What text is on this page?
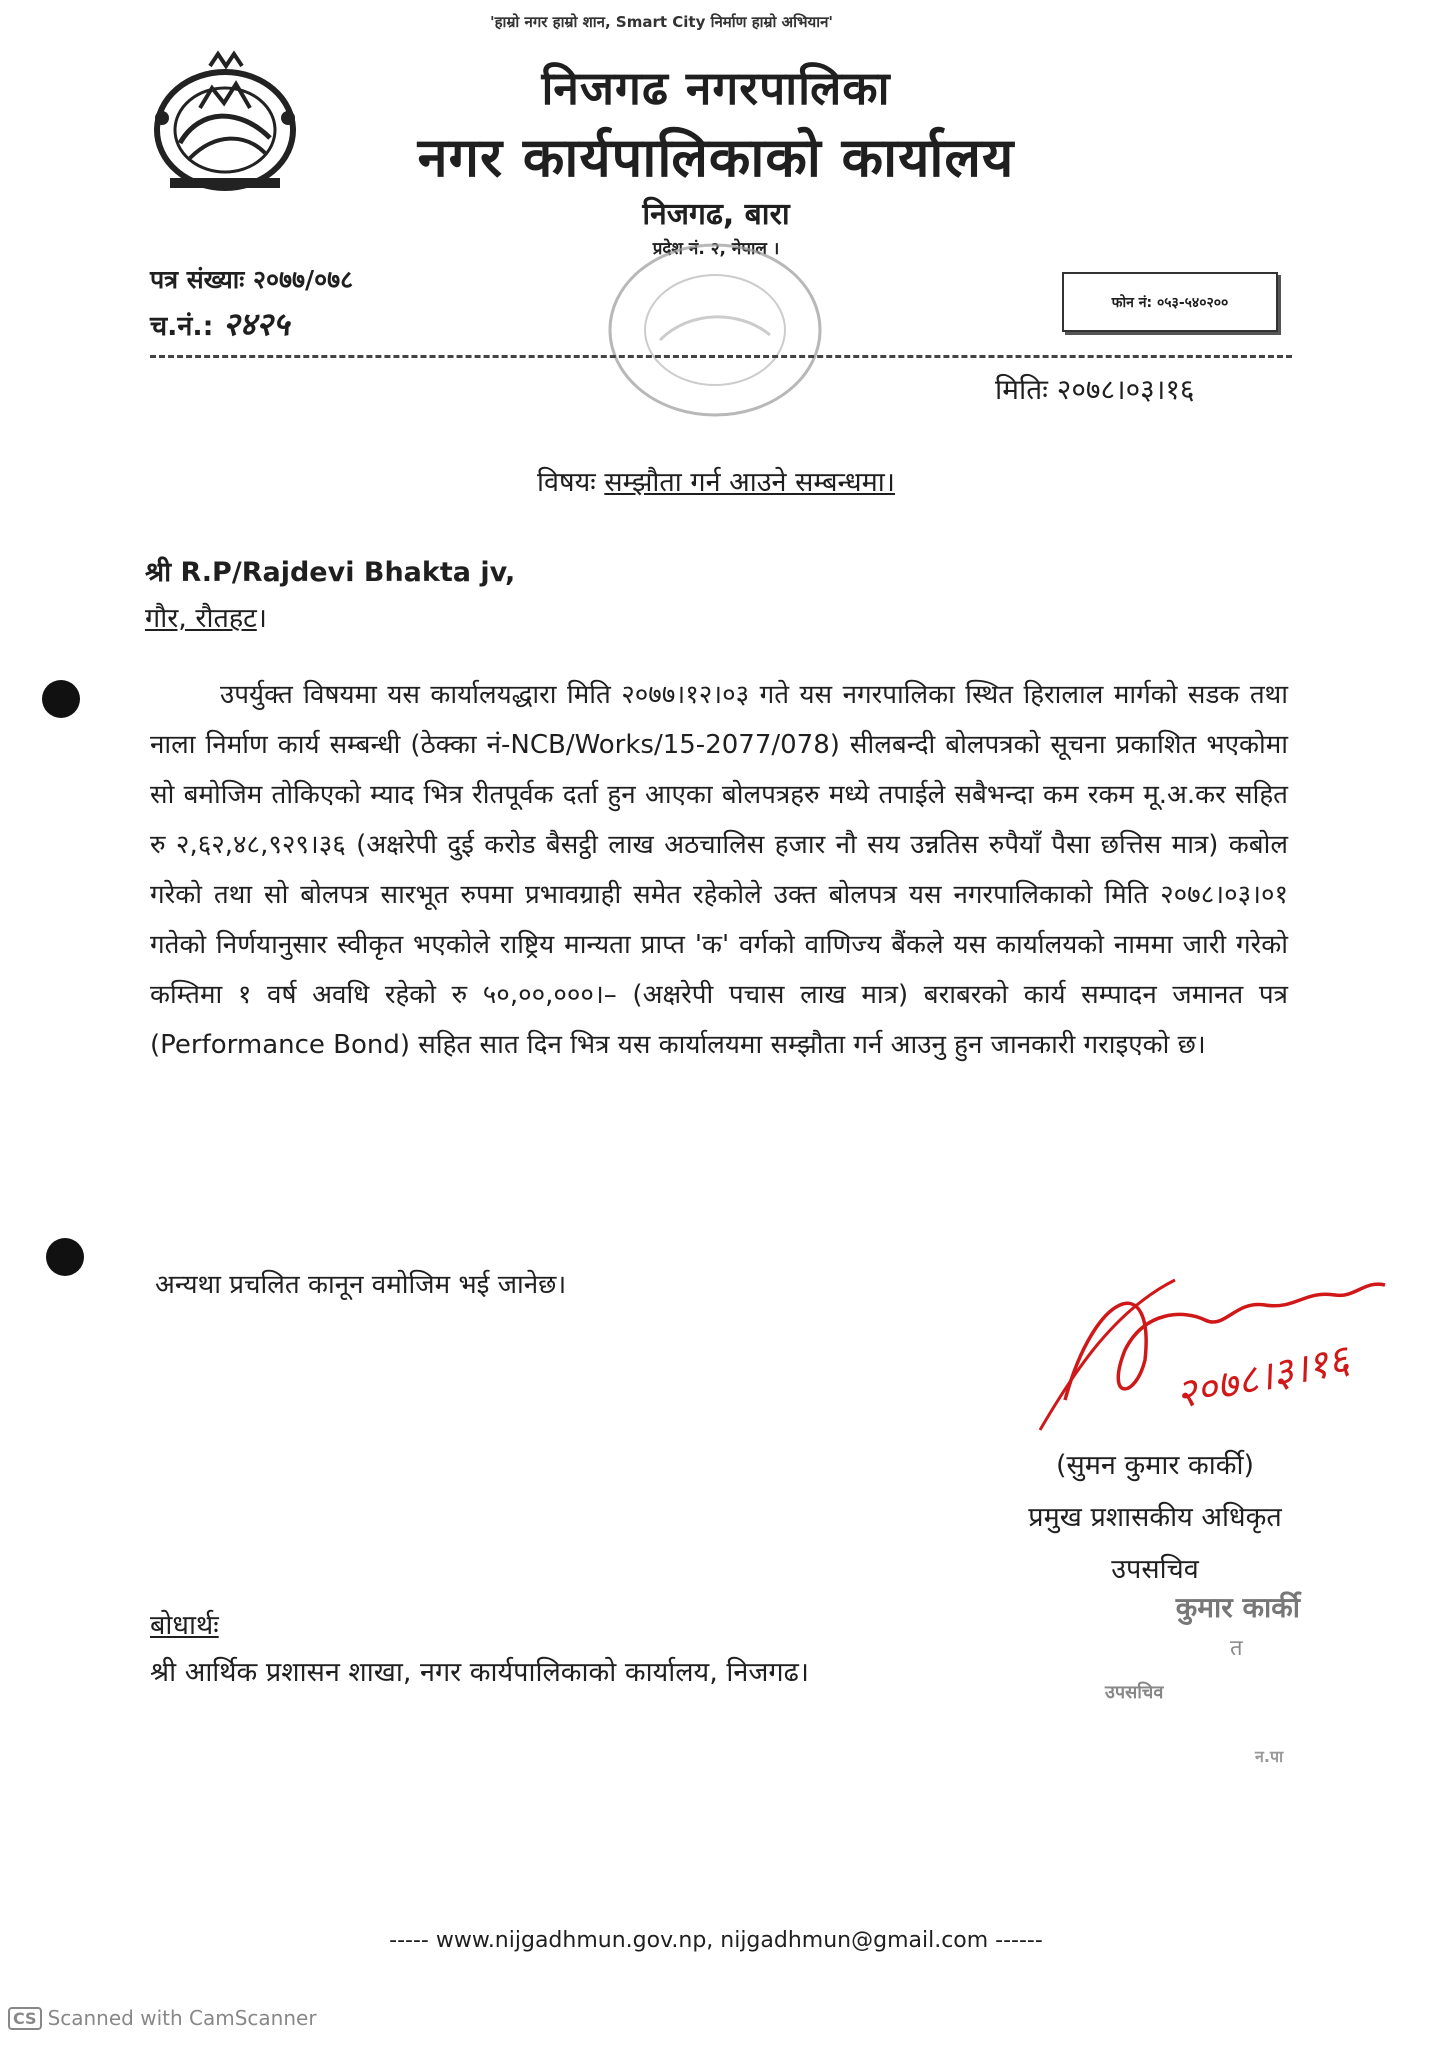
'हाम्रो नगर हाम्रो शान, Smart City निर्माण हाम्रो अभियान'
निजगढ नगरपालिका
नगर कार्यपालिकाको कार्यालय
निजगढ, बारा
प्रदेश नं. २, नेपाल ।
पत्र संख्याः २०७७/०७८
च.नं.: २४२५
फोन नं: ०५३-५४०२००
मितिः २०७८।०३।१६
विषयः सम्झौता गर्न आउने सम्बन्धमा।
श्री R.P/Rajdevi Bhakta jv,
गौर, रौतहट।
उपर्युक्त विषयमा यस कार्यालयद्धारा मिति २०७७।१२।०३ गते यस नगरपालिका स्थित हिरालाल मार्गको सडक तथा नाला निर्माण कार्य सम्बन्धी (ठेक्का नं-NCB/Works/15-2077/078) सीलबन्दी बोलपत्रको सूचना प्रकाशित भएकोमा सो बमोजिम तोकिएको म्याद भित्र रीतपूर्वक दर्ता हुन आएका बोलपत्रहरु मध्ये तपाईले सबैभन्दा कम रकम मू.अ.कर सहित रु २,६२,४८,९२९।३६ (अक्षरेपी दुई करोड बैसट्ठी लाख अठचालिस हजार नौ सय उन्नतिस रुपैयाँ पैसा छत्तिस मात्र) कबोल गरेको तथा सो बोलपत्र सारभूत रुपमा प्रभावग्राही समेत रहेकोले उक्त बोलपत्र यस नगरपालिकाको मिति २०७८।०३।०१ गतेको निर्णयानुसार स्वीकृत भएकोले राष्ट्रिय मान्यता प्राप्त 'क' वर्गको वाणिज्य बैंकले यस कार्यालयको नाममा जारी गरेको कम्तिमा १ वर्ष अवधि रहेको रु ५०,००,०००।– (अक्षरेपी पचास लाख मात्र) बराबरको कार्य सम्पादन जमानत पत्र (Performance Bond) सहित सात दिन भित्र यस कार्यालयमा सम्झौता गर्न आउनु हुन जानकारी गराइएको छ।
अन्यथा प्रचलित कानून वमोजिम भई जानेछ।
२०७८।३।१६
(सुमन कुमार कार्की)
प्रमुख प्रशासकीय अधिकृत
उपसचिव
कुमार कार्की
त
उपसचिव
न.पा
बोधार्थः
श्री आर्थिक प्रशासन शाखा, नगर कार्यपालिकाको कार्यालय, निजगढ।
----- www.nijgadhmun.gov.np, nijgadhmun@gmail.com ------
CS Scanned with CamScanner
